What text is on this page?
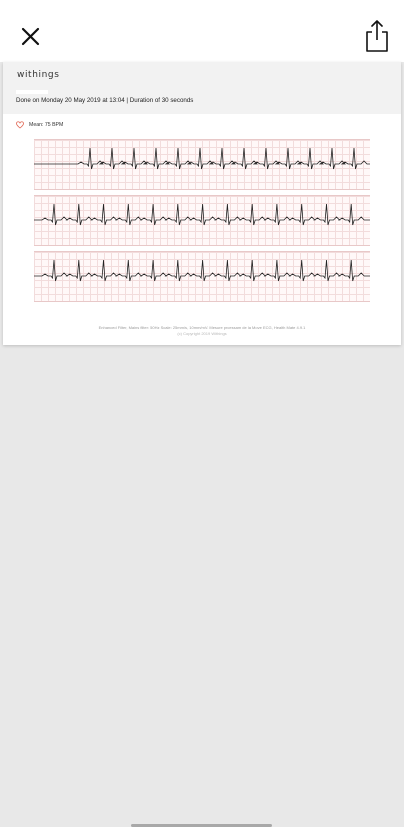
withings
Done on Monday 20 May 2019 at 13:04 | Duration of 30 seconds
Mean: 75 BPM
Enhanced Filter, Mains filter: 50Hz Scale: 25mm/s, 10mm/mV. Mesure prcessam de la Move ECG, Health Mate 4.9.1
(c) Copyright 2019 Withings
